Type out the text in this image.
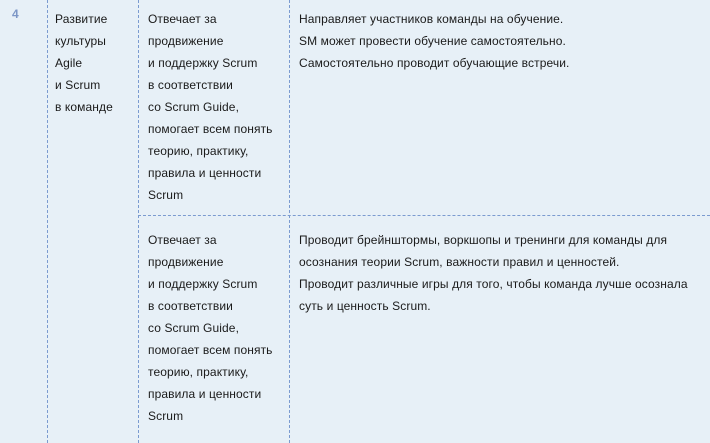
4	Развитие
культуры
Agile
и Scrum
в команде
Отвечает за
продвижение
и поддержку Scrum
в соответствии
со Scrum Guide,
помогает всем понять
теорию, практику,
правила и ценности
Scrum
Направляет участников команды на обучение.
SM может провести обучение самостоятельно.
Самостоятельно проводит обучающие встречи.
Отвечает за
продвижение
и поддержку Scrum
в соответствии
со Scrum Guide,
помогает всем понять
теорию, практику,
правила и ценности
Scrum
Проводит брейнштормы, воркшопы и тренинги для команды для
осознания теории Scrum, важности правил и ценностей.
Проводит различные игры для того, чтобы команда лучше осознала
суть и ценность Scrum.
